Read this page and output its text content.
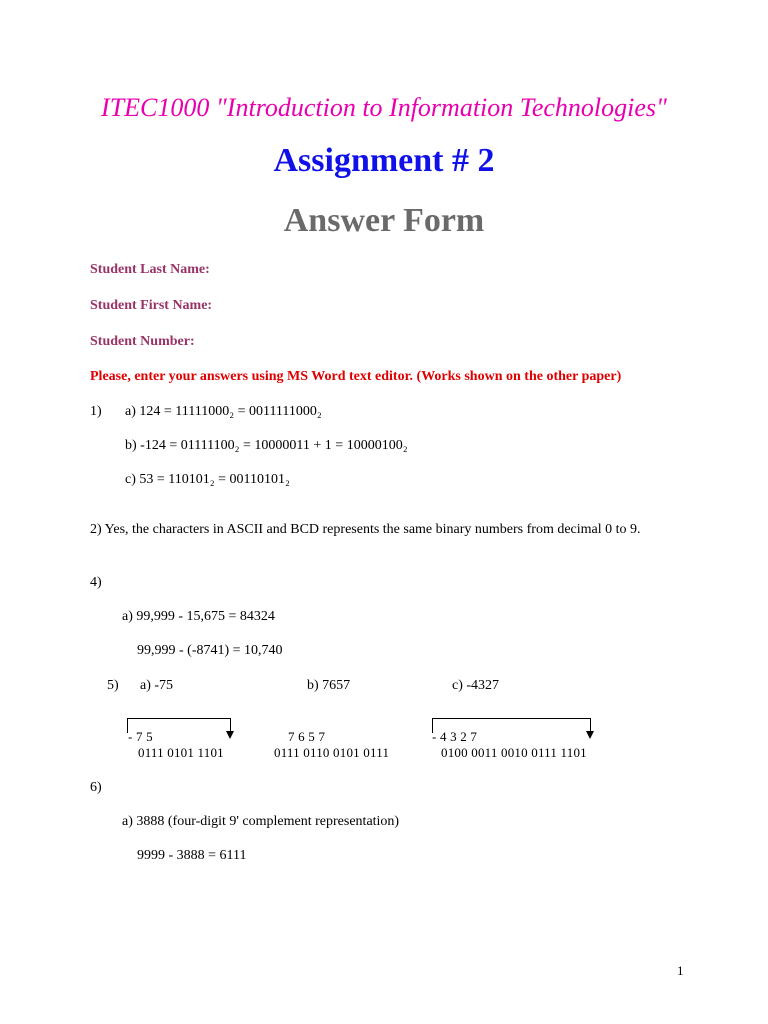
ITEC1000 "Introduction to Information Technologies"
Assignment # 2
Answer Form
Student Last Name:
Student First Name:
Student Number:
Please, enter your answers using MS Word text editor. (Works shown on the other paper)
1) a) 124 = 11111000₂ = 0011111000₂
b) -124 = 01111100₂ = 10000011 + 1 = 10000100₂
c) 53 = 110101₂ = 00110101₂
2) Yes, the characters in ASCII and BCD represents the same binary numbers from decimal 0 to 9.
4)
a) 99,999 - 15,675 = 84324
99,999 - (-8741) = 10,740
5) a) -75	b) 7657	c) -4327
- 7 5
0111 0101 1101
7 6 5 7
0111 0110 0101 0111
- 4 3 2 7
0100 0011 0010 0111 1101
6)
a) 3888 (four-digit 9' complement representation)
9999 - 3888 = 6111
1
